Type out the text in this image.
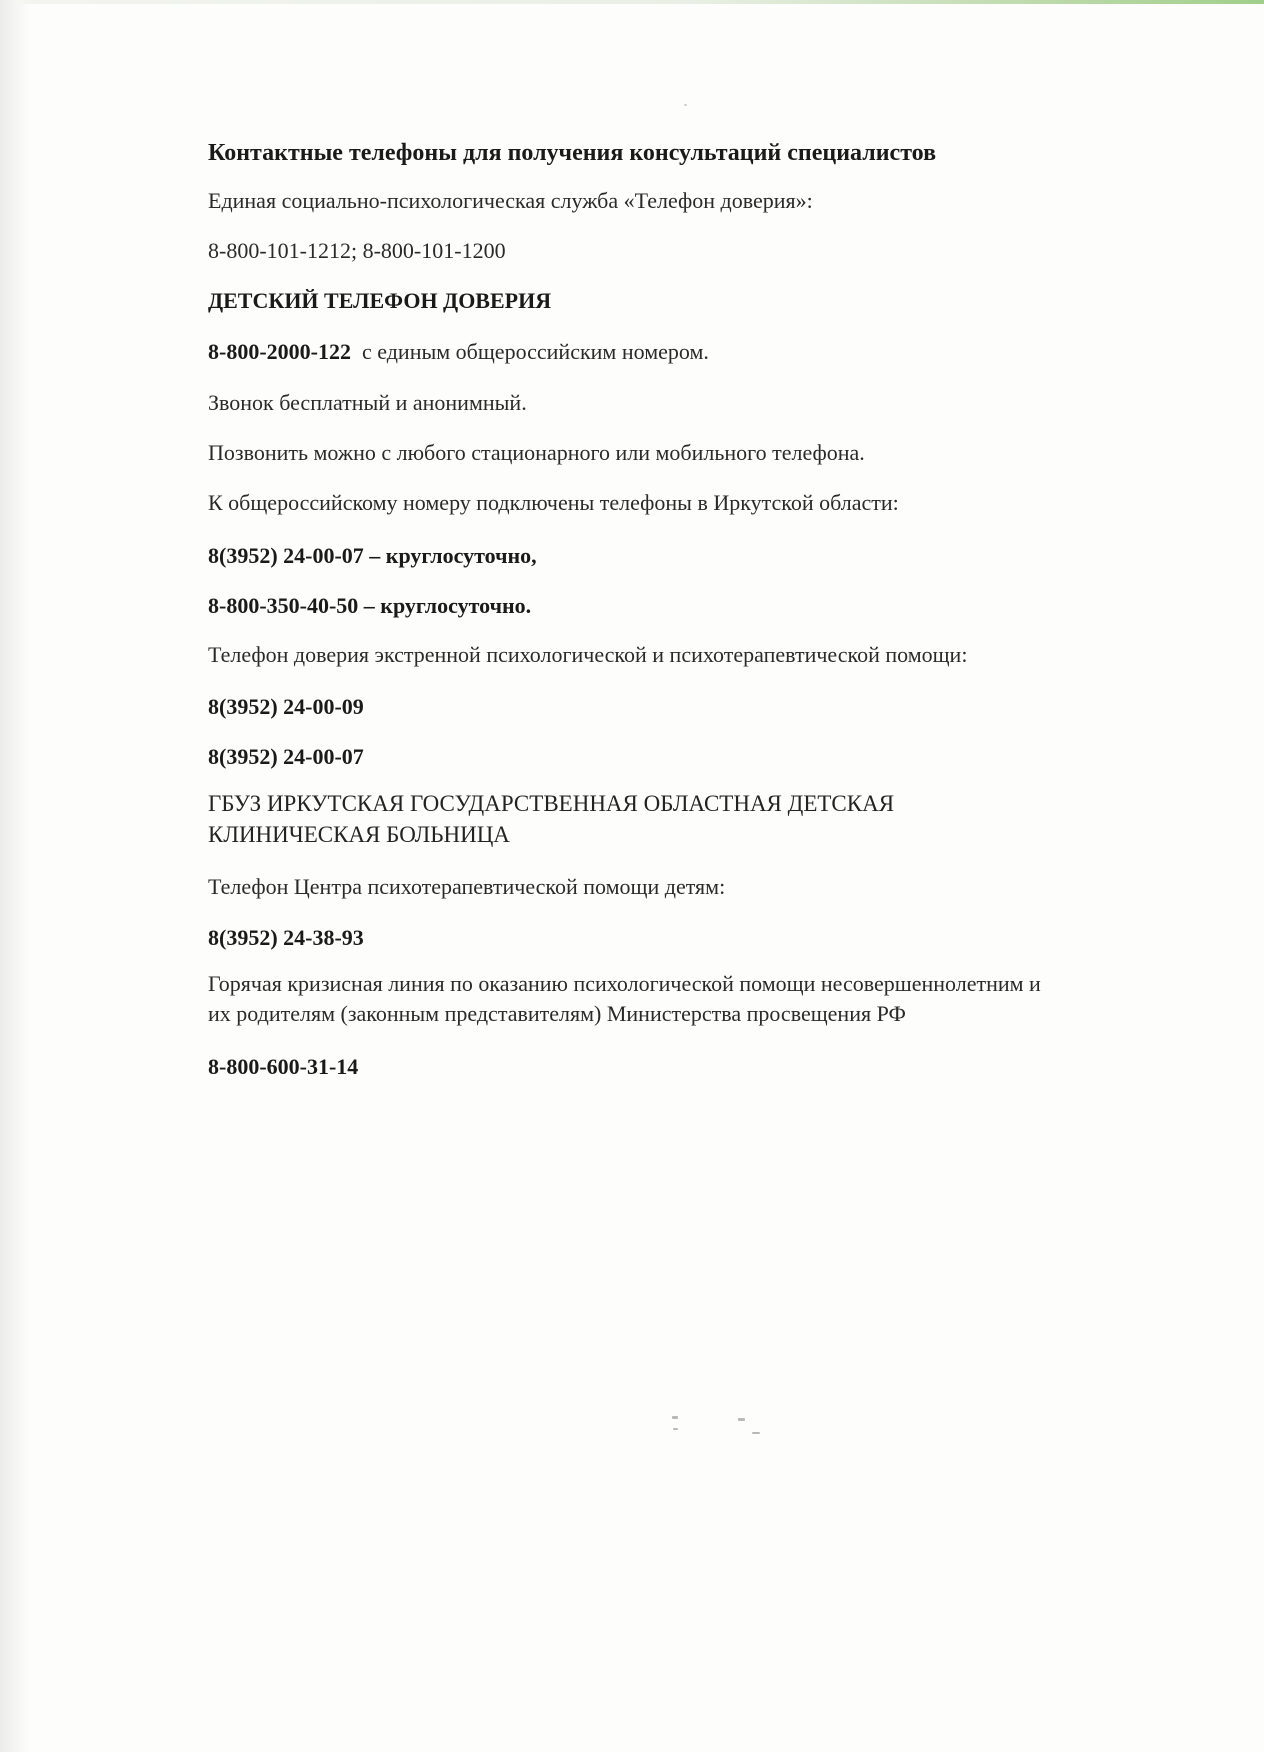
Контактные телефоны для получения консультаций специалистов
Единая социально-психологическая служба «Телефон доверия»:
8-800-101-1212; 8-800-101-1200
ДЕТСКИЙ ТЕЛЕФОН ДОВЕРИЯ
8-800-2000-122 с единым общероссийским номером.
Звонок бесплатный и анонимный.
Позвонить можно с любого стационарного или мобильного телефона.
К общероссийскому номеру подключены телефоны в Иркутской области:
8(3952) 24-00-07 – круглосуточно,
8-800-350-40-50 – круглосуточно.
Телефон доверия экстренной психологической и психотерапевтической помощи:
8(3952) 24-00-09
8(3952) 24-00-07
ГБУЗ ИРКУТСКАЯ ГОСУДАРСТВЕННАЯ ОБЛАСТНАЯ ДЕТСКАЯ
КЛИНИЧЕСКАЯ БОЛЬНИЦА
Телефон Центра психотерапевтической помощи детям:
8(3952) 24-38-93
Горячая кризисная линия по оказанию психологической помощи несовершеннолетним и
их родителям (законным представителям) Министерства просвещения РФ
8-800-600-31-14
